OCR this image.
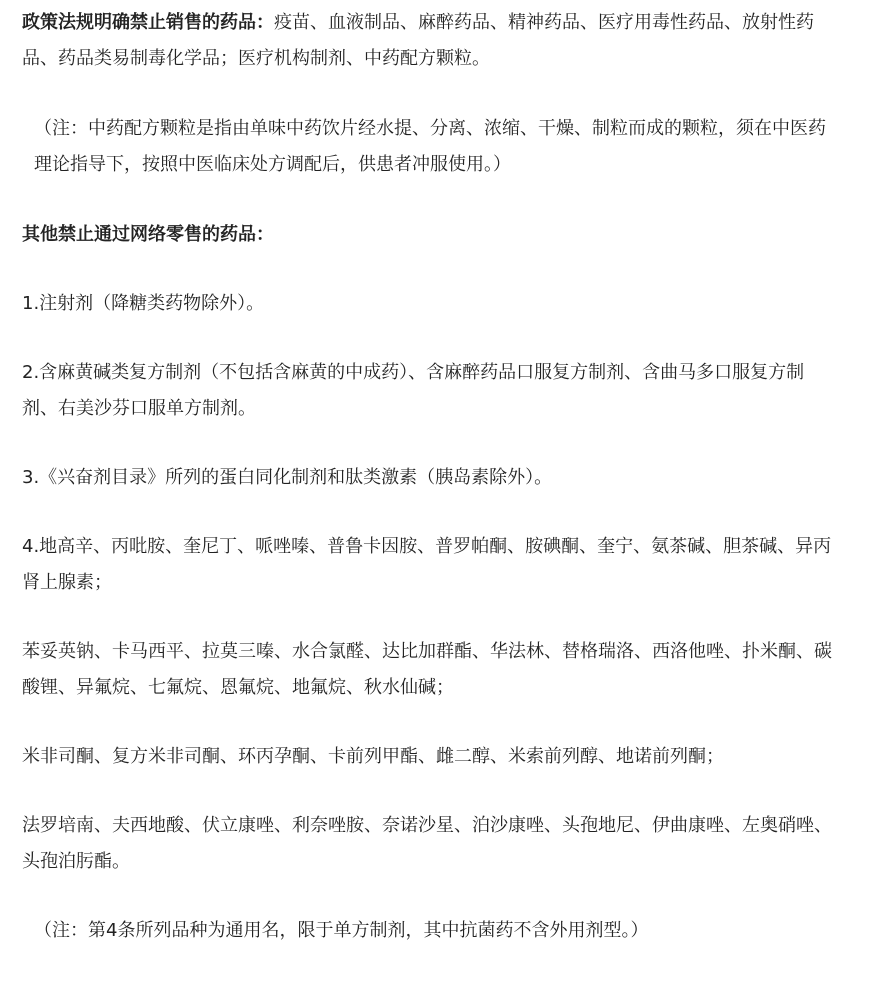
政策法规明确禁止销售的药品：疫苗、血液制品、麻醉药品、精神药品、医疗用毒性药品、放射性药品、药品类易制毒化学品；医疗机构制剂、中药配方颗粒。

（注：中药配方颗粒是指由单味中药饮片经水提、分离、浓缩、干燥、制粒而成的颗粒，须在中医药理论指导下，按照中医临床处方调配后，供患者冲服使用。）

其他禁止通过网络零售的药品：

1.注射剂（降糖类药物除外）。

2.含麻黄碱类复方制剂（不包括含麻黄的中成药）、含麻醉药品口服复方制剂、含曲马多口服复方制剂、右美沙芬口服单方制剂。

3.《兴奋剂目录》所列的蛋白同化制剂和肽类激素（胰岛素除外）。

4.地高辛、丙吡胺、奎尼丁、哌唑嗪、普鲁卡因胺、普罗帕酮、胺碘酮、奎宁、氨茶碱、胆茶碱、异丙肾上腺素；

苯妥英钠、卡马西平、拉莫三嗪、水合氯醛、达比加群酯、华法林、替格瑞洛、西洛他唑、扑米酮、碳酸锂、异氟烷、七氟烷、恩氟烷、地氟烷、秋水仙碱；

米非司酮、复方米非司酮、环丙孕酮、卡前列甲酯、雌二醇、米索前列醇、地诺前列酮；

法罗培南、夫西地酸、伏立康唑、利奈唑胺、奈诺沙星、泊沙康唑、头孢地尼、伊曲康唑、左奥硝唑、头孢泊肟酯。

（注：第4条所列品种为通用名，限于单方制剂，其中抗菌药不含外用剂型。）
